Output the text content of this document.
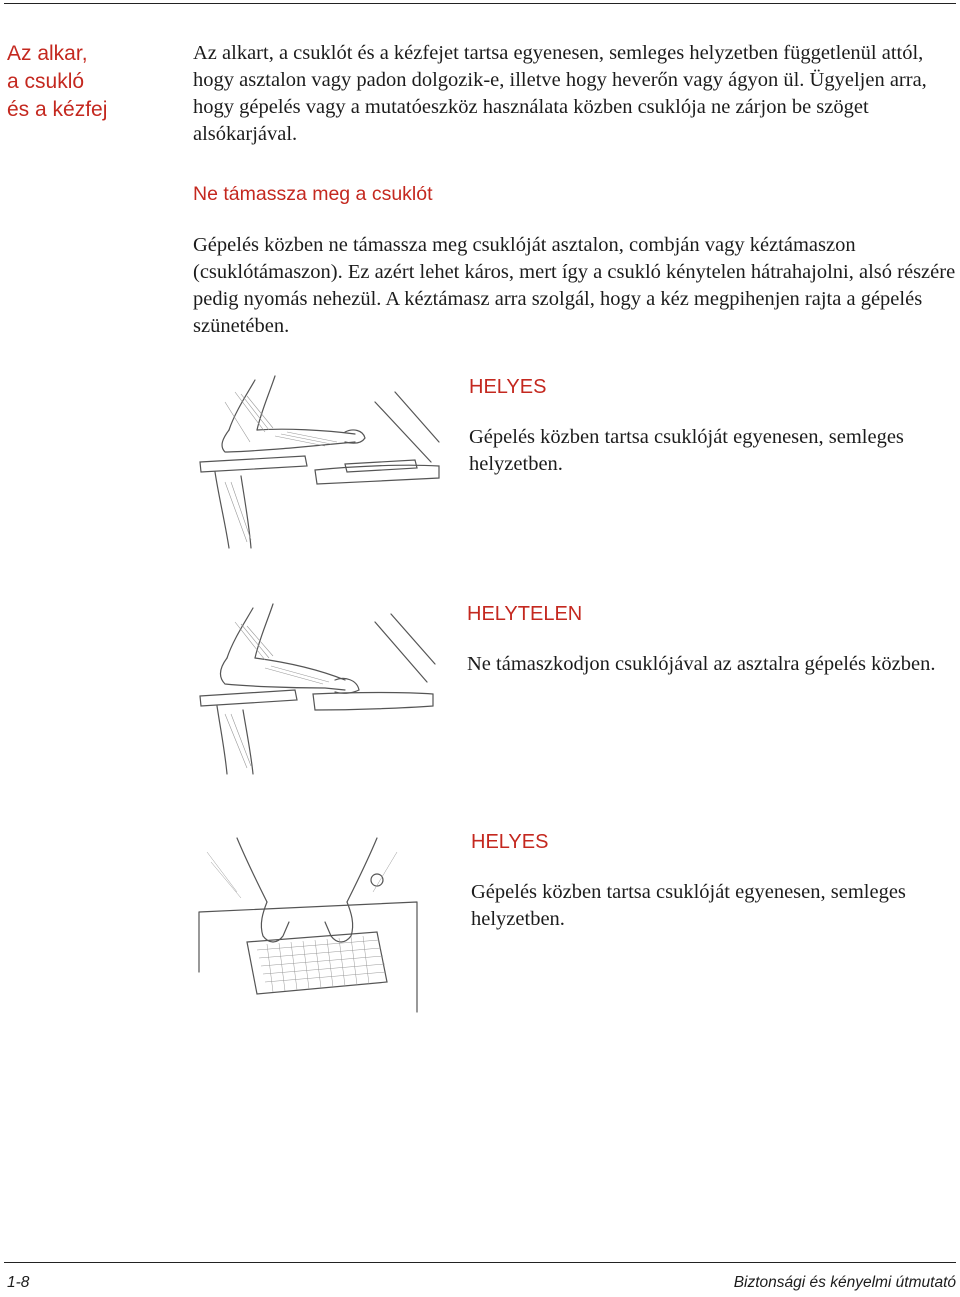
Az alkar,
a csukló
és a kézfej
Az alkart, a csuklót és a kézfejet tartsa egyenesen, semleges helyzetben függetlenül attól, hogy asztalon vagy padon dolgozik-e, illetve hogy heverőn vagy ágyon ül. Ügyeljen arra, hogy gépelés vagy a mutatóeszköz használata közben csuklója ne zárjon be szöget alsókarjával.
Ne támassza meg a csuklót
Gépelés közben ne támassza meg csuklóját asztalon, combján vagy kéztámaszon (csuklótámaszon). Ez azért lehet káros, mert így a csukló kénytelen hátrahajolni, alsó részére pedig nyomás nehezül. A kéztámasz arra szolgál, hogy a kéz megpihenjen rajta a gépelés szünetében.
HELYES
Gépelés közben tartsa csuklóját egyenesen, semleges helyzetben.
HELYTELEN
Ne támaszkodjon csuklójával az asztalra gépelés közben.
HELYES
Gépelés közben tartsa csuklóját egyenesen, semleges helyzetben.
1-8	Biztonsági és kényelmi útmutató
